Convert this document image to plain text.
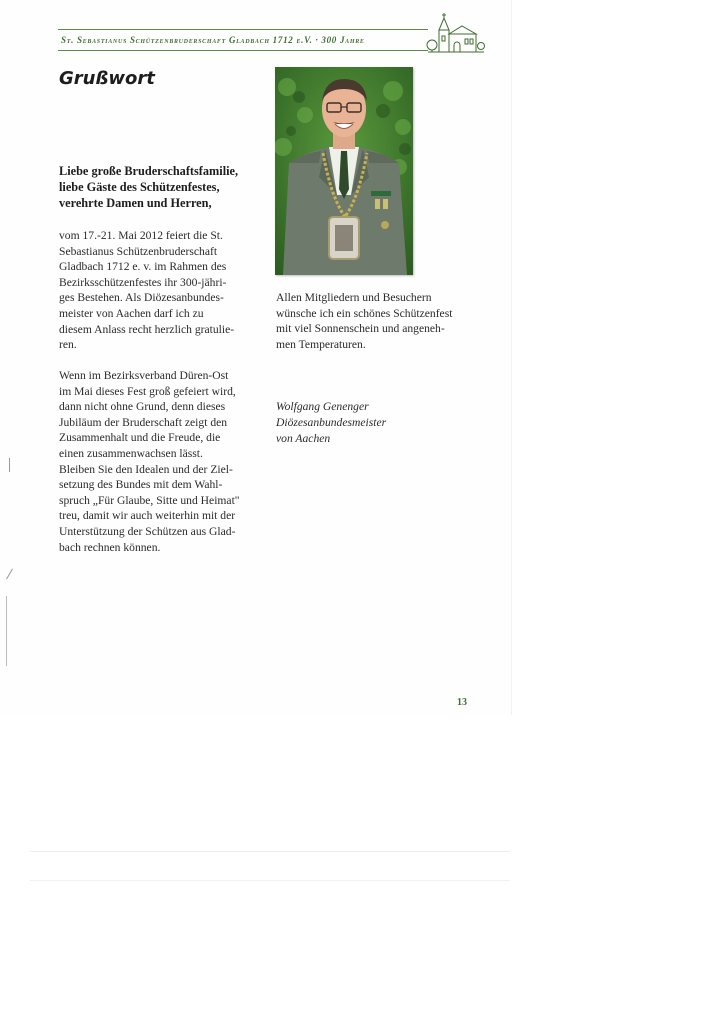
St. Sebastianus Schützenbruderschaft Gladbach 1712 e.V. · 300 Jahre
Grußwort
Liebe große Bruderschaftsfamilie,
liebe Gäste des Schützenfestes,
verehrte Damen und Herren,
vom 17.-21. Mai 2012 feiert die St.
Sebastianus Schützenbruderschaft
Gladbach 1712 e. v. im Rahmen des
Bezirksschützenfestes ihr 300-jähri-
ges Bestehen. Als Diözesanbundes-
meister von Aachen darf ich zu
diesem Anlass recht herzlich gratulie-
ren.
Wenn im Bezirksverband Düren-Ost
im Mai dieses Fest groß gefeiert wird,
dann nicht ohne Grund, denn dieses
Jubiläum der Bruderschaft zeigt den
Zusammenhalt und die Freude, die
einen zusammenwachsen lässt.
Bleiben Sie den Idealen und der Ziel-
setzung des Bundes mit dem Wahl-
spruch „Für Glaube, Sitte und Heimat"
treu, damit wir auch weiterhin mit der
Unterstützung der Schützen aus Glad-
bach rechnen können.
Allen Mitgliedern und Besuchern
wünsche ich ein schönes Schützenfest
mit viel Sonnenschein und angeneh-
men Temperaturen.
Wolfgang Genenger
Diözesanbundesmeister
von Aachen
13
